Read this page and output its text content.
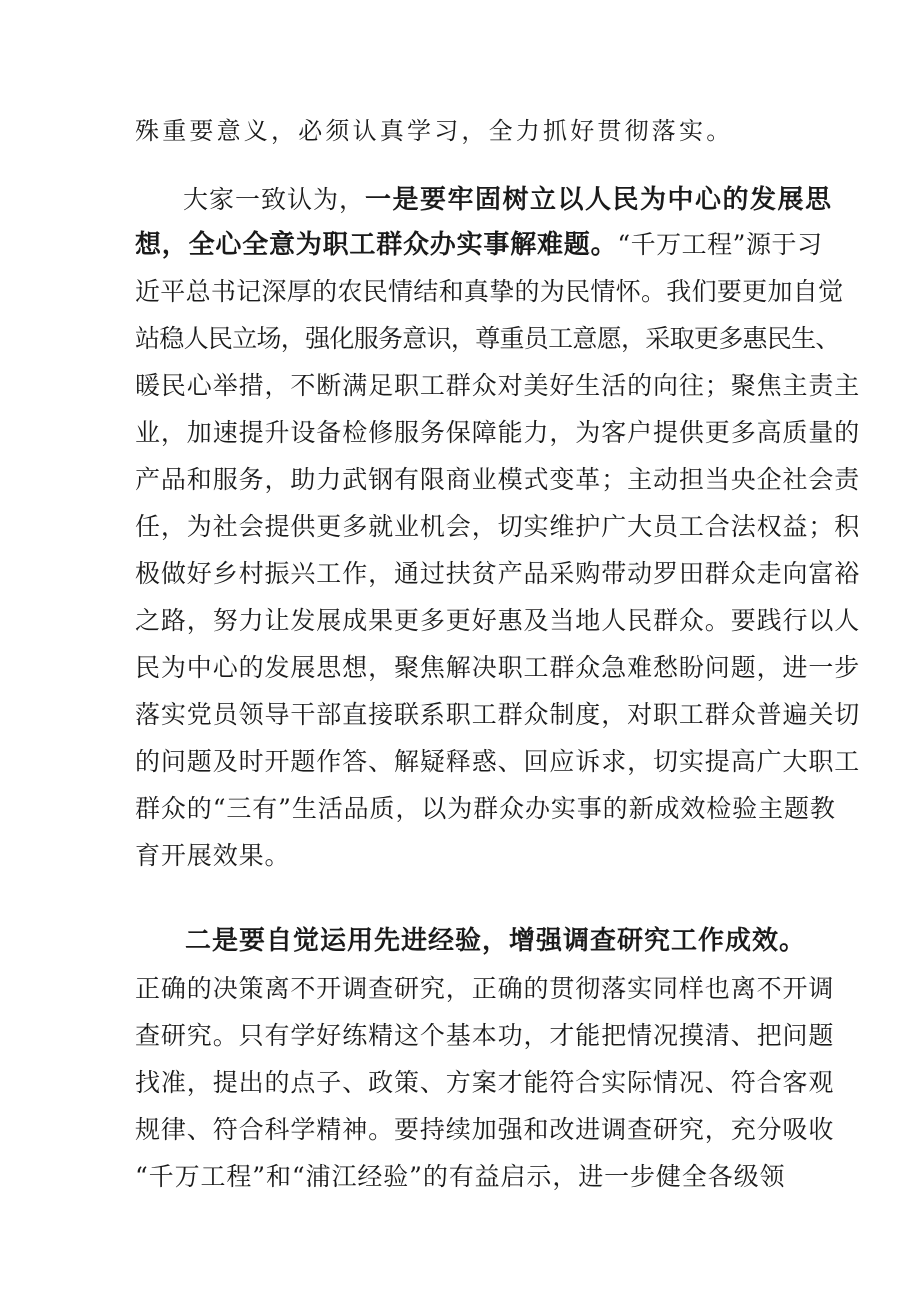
殊重要意义，必须认真学习，全力抓好贯彻落实。
大家一致认为，一是要牢固树立以人民为中心的发展思
想，全心全意为职工群众办实事解难题。“千万工程”源于习
近平总书记深厚的农民情结和真挚的为民情怀。我们要更加自觉
站稳人民立场，强化服务意识，尊重员工意愿，采取更多惠民生、
暖民心举措，不断满足职工群众对美好生活的向往；聚焦主责主
业，加速提升设备检修服务保障能力，为客户提供更多高质量的
产品和服务，助力武钢有限商业模式变革；主动担当央企社会责
任，为社会提供更多就业机会，切实维护广大员工合法权益；积
极做好乡村振兴工作，通过扶贫产品采购带动罗田群众走向富裕
之路，努力让发展成果更多更好惠及当地人民群众。要践行以人
民为中心的发展思想，聚焦解决职工群众急难愁盼问题，进一步
落实党员领导干部直接联系职工群众制度，对职工群众普遍关切
的问题及时开题作答、解疑释惑、回应诉求，切实提高广大职工
群众的“三有”生活品质，以为群众办实事的新成效检验主题教
育开展效果。
二是要自觉运用先进经验，增强调查研究工作成效。
正确的决策离不开调查研究，正确的贯彻落实同样也离不开调
查研究。只有学好练精这个基本功，才能把情况摸清、把问题
找准，提出的点子、政策、方案才能符合实际情况、符合客观
规律、符合科学精神。要持续加强和改进调查研究，充分吸收
“千万工程”和“浦江经验”的有益启示，进一步健全各级领
